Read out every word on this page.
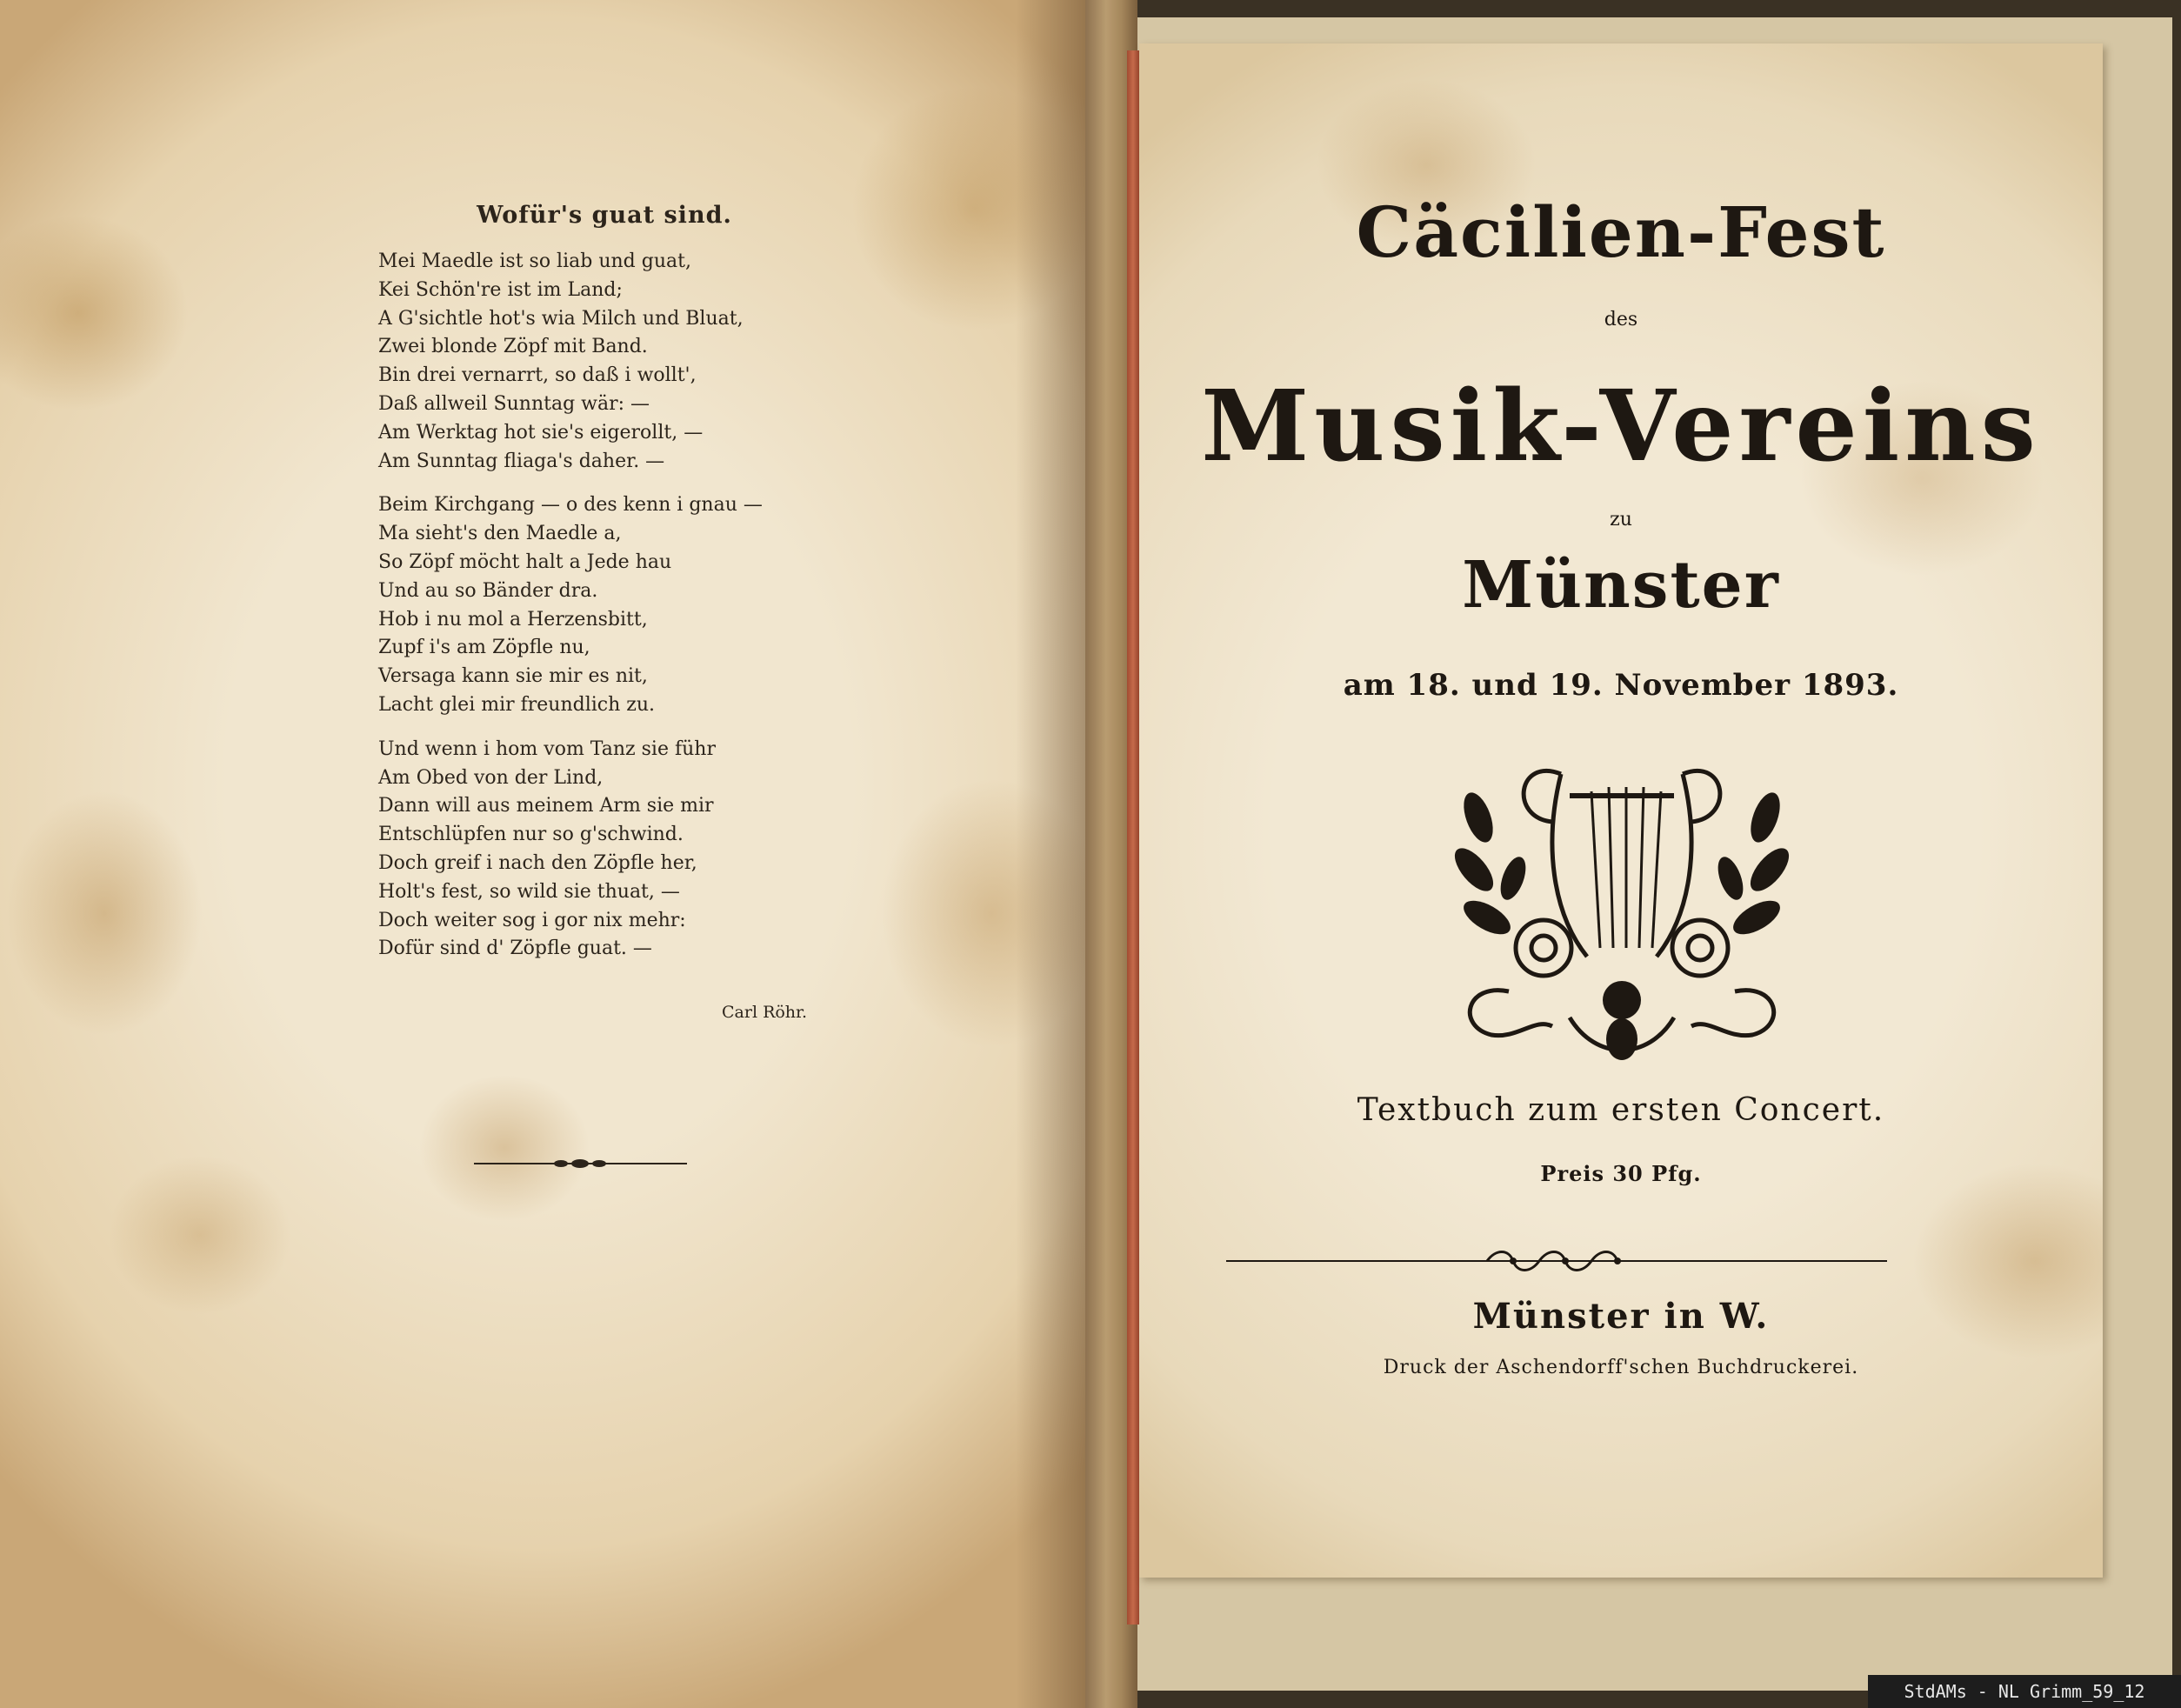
Wofür's guat sind.
Mei Maedle ist so liab und guat,
Kei Schön're ist im Land;
A G'sichtle hot's wia Milch und Bluat,
Zwei blonde Zöpf mit Band.
Bin drei vernarrt, so daß i wollt',
Daß allweil Sunntag wär: —
Am Werktag hot sie's eigerollt, —
Am Sunntag fliaga's daher. —
Beim Kirchgang — o des kenn i gnau —
Ma sieht's den Maedle a,
So Zöpf möcht halt a Jede hau
Und au so Bänder dra.
Hob i nu mol a Herzensbitt,
Zupf i's am Zöpfle nu,
Versaga kann sie mir es nit,
Lacht glei mir freundlich zu.
Und wenn i hom vom Tanz sie führ
Am Obed von der Lind,
Dann will aus meinem Arm sie mir
Entschlüpfen nur so g'schwind.
Doch greif i nach den Zöpfle her,
Holt's fest, so wild sie thuat, —
Doch weiter sog i gor nix mehr:
Dofür sind d' Zöpfle guat. —
Carl Röhr.
Cäcilien-Fest
des
Musik-Vereins
zu
Münster
am 18. und 19. November 1893.
Textbuch zum ersten Concert.
Preis 30 Pfg.
Münster in W.
Druck der Aschendorff'schen Buchdruckerei.
StdAMs - NL Grimm_59_12
